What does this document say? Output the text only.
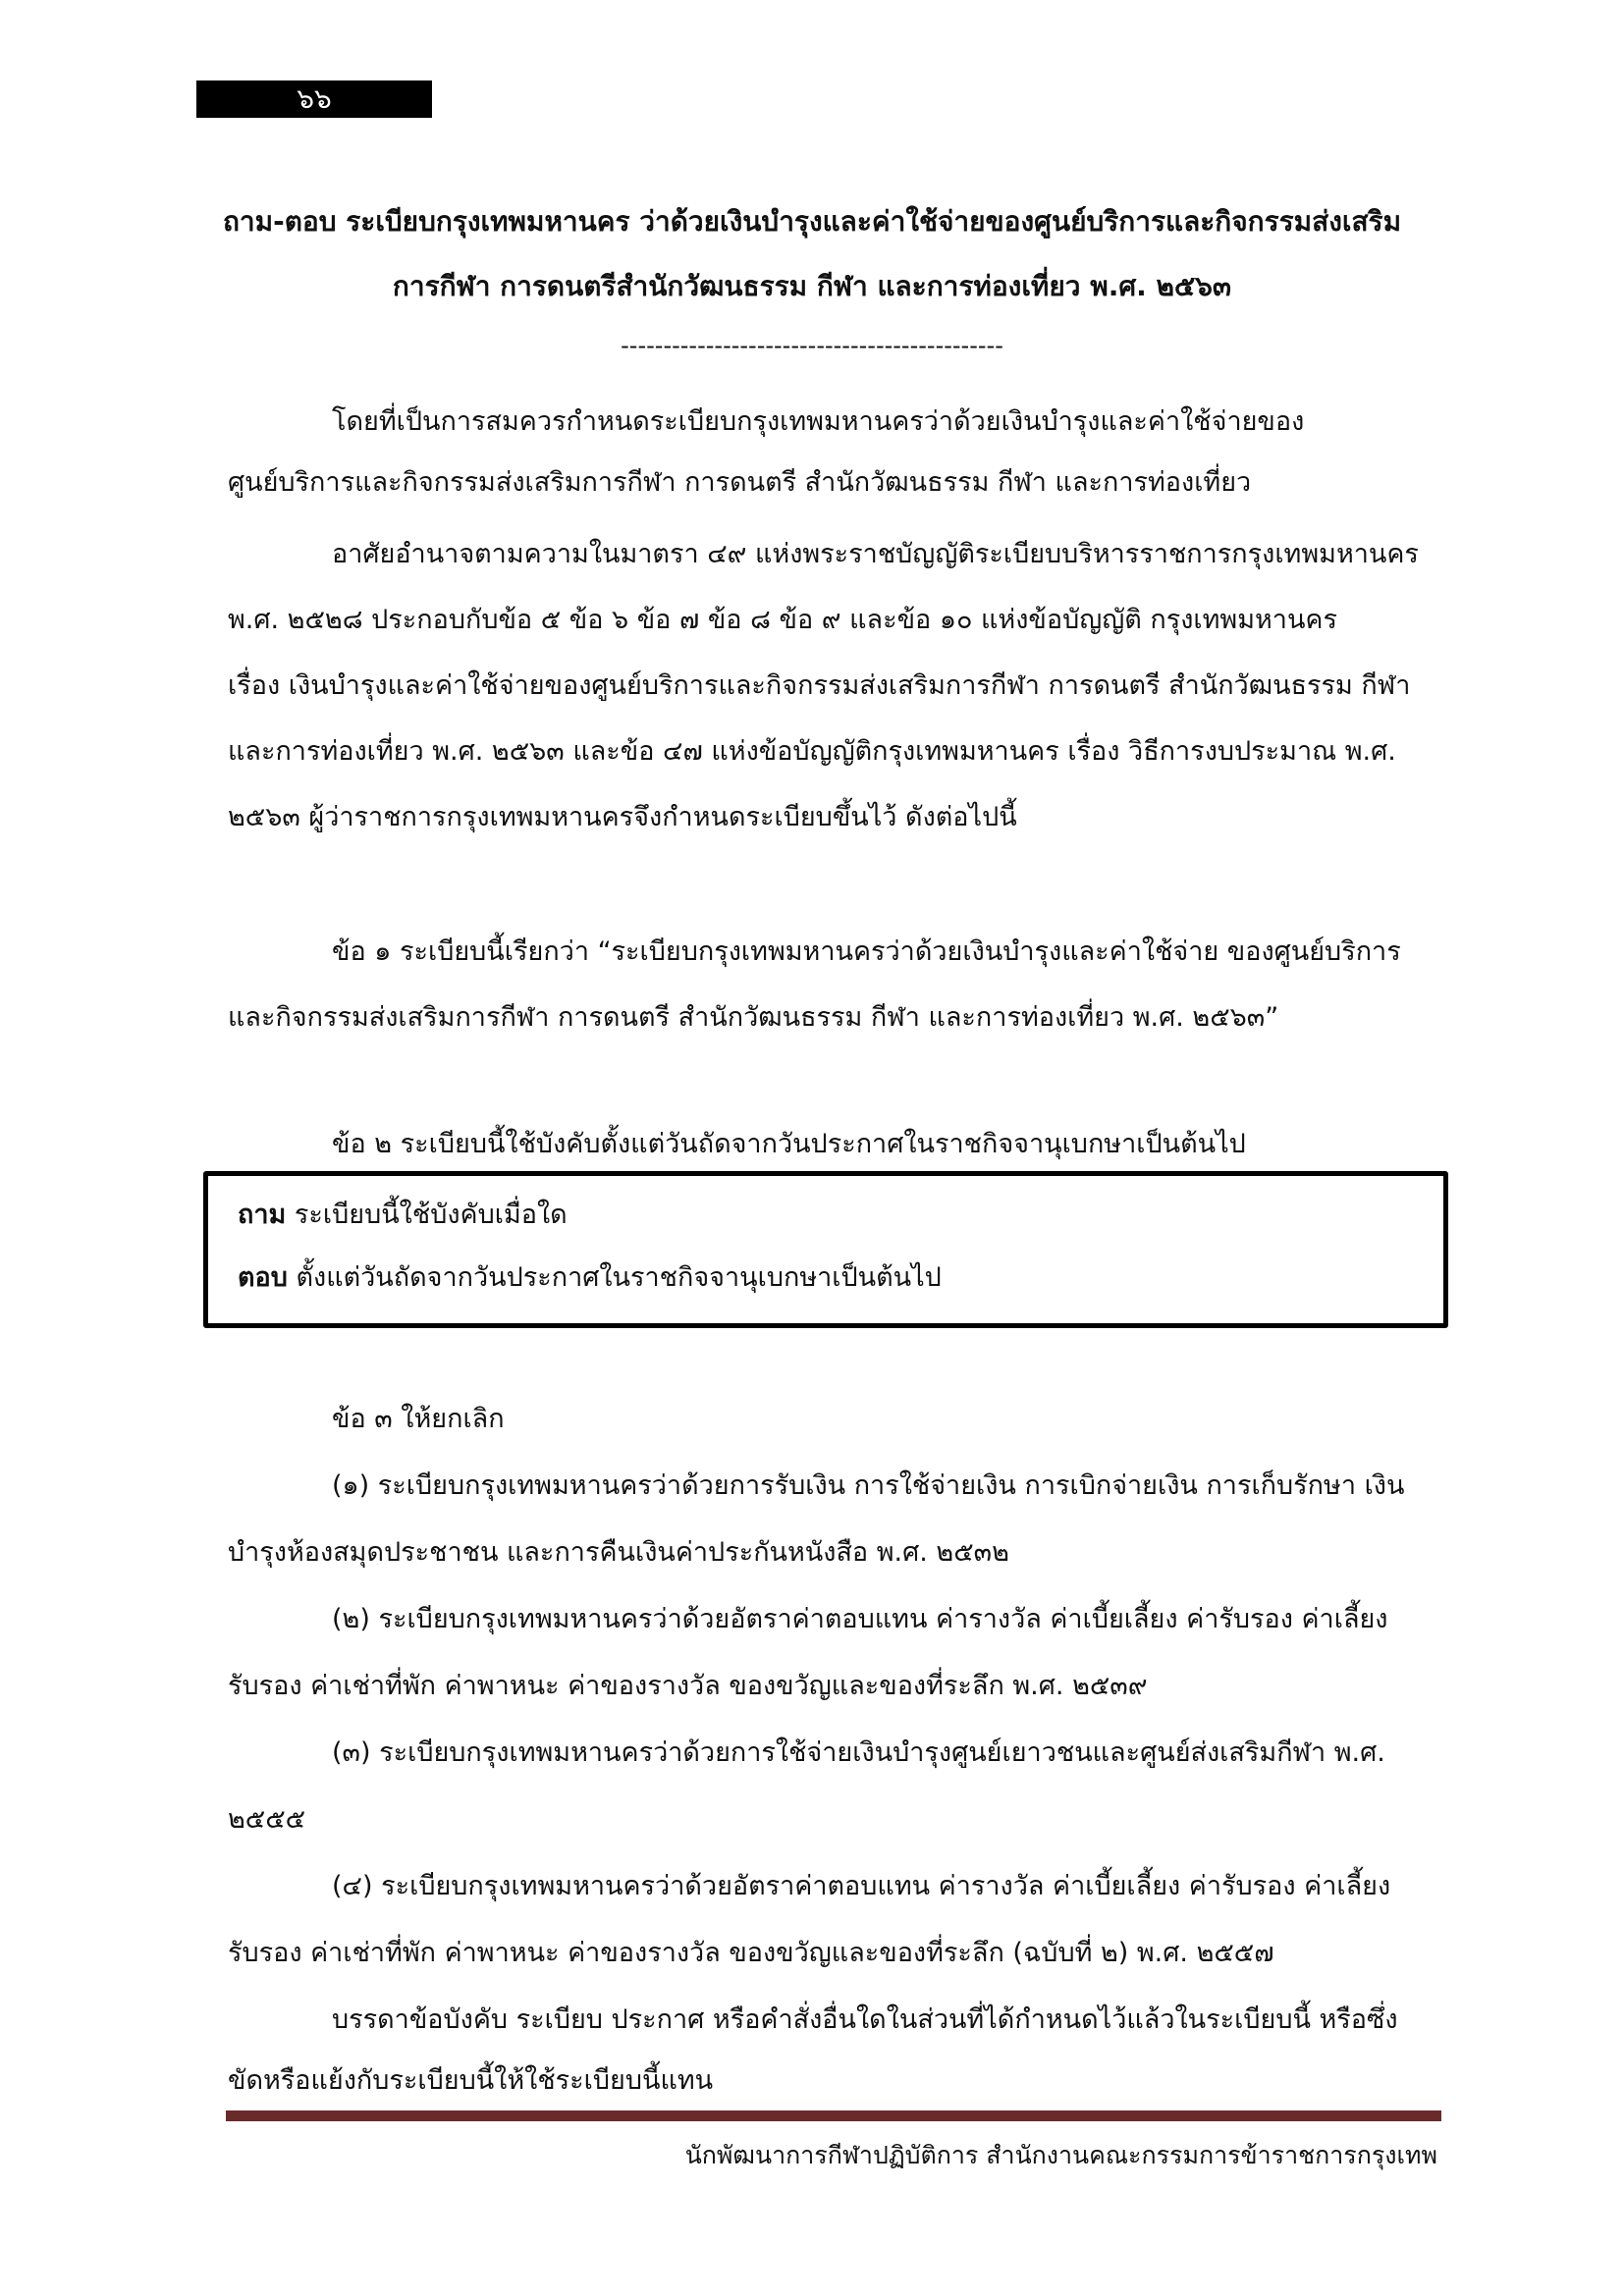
๖๖
ถาม-ตอบ ระเบียบกรุงเทพมหานคร ว่าด้วยเงินบำรุงและค่าใช้จ่ายของศูนย์บริการและกิจกรรมส่งเสริม
การกีฬา การดนตรีสำนักวัฒนธรรม กีฬา และการท่องเที่ยว พ.ศ. ๒๕๖๓
---------------------------------------------
โดยที่เป็นการสมควรกำหนดระเบียบกรุงเทพมหานครว่าด้วยเงินบำรุงและค่าใช้จ่ายของ
ศูนย์บริการและกิจกรรมส่งเสริมการกีฬา การดนตรี สำนักวัฒนธรรม กีฬา และการท่องเที่ยว
อาศัยอำนาจตามความในมาตรา ๔๙ แห่งพระราชบัญญัติระเบียบบริหารราชการกรุงเทพมหานคร
พ.ศ. ๒๕๒๘ ประกอบกับข้อ ๕ ข้อ ๖ ข้อ ๗ ข้อ ๘ ข้อ ๙ และข้อ ๑๐ แห่งข้อบัญญัติ กรุงเทพมหานคร
เรื่อง เงินบำรุงและค่าใช้จ่ายของศูนย์บริการและกิจกรรมส่งเสริมการกีฬา การดนตรี สำนักวัฒนธรรม กีฬา
และการท่องเที่ยว พ.ศ. ๒๕๖๓ และข้อ ๔๗ แห่งข้อบัญญัติกรุงเทพมหานคร เรื่อง วิธีการงบประมาณ พ.ศ.
๒๕๖๓ ผู้ว่าราชการกรุงเทพมหานครจึงกำหนดระเบียบขึ้นไว้ ดังต่อไปนี้
ข้อ ๑ ระเบียบนี้เรียกว่า “ระเบียบกรุงเทพมหานครว่าด้วยเงินบำรุงและค่าใช้จ่าย ของศูนย์บริการ
และกิจกรรมส่งเสริมการกีฬา การดนตรี สำนักวัฒนธรรม กีฬา และการท่องเที่ยว พ.ศ. ๒๕๖๓”
ข้อ ๒ ระเบียบนี้ใช้บังคับตั้งแต่วันถัดจากวันประกาศในราชกิจจานุเบกษาเป็นต้นไป
ถาม ระเบียบนี้ใช้บังคับเมื่อใด
ตอบ ตั้งแต่วันถัดจากวันประกาศในราชกิจจานุเบกษาเป็นต้นไป
ข้อ ๓ ให้ยกเลิก
(๑) ระเบียบกรุงเทพมหานครว่าด้วยการรับเงิน การใช้จ่ายเงิน การเบิกจ่ายเงิน การเก็บรักษา เงิน
บำรุงห้องสมุดประชาชน และการคืนเงินค่าประกันหนังสือ พ.ศ. ๒๕๓๒
(๒) ระเบียบกรุงเทพมหานครว่าด้วยอัตราค่าตอบแทน ค่ารางวัล ค่าเบี้ยเลี้ยง ค่ารับรอง ค่าเลี้ยง
รับรอง ค่าเช่าที่พัก ค่าพาหนะ ค่าของรางวัล ของขวัญและของที่ระลึก พ.ศ. ๒๕๓๙
(๓) ระเบียบกรุงเทพมหานครว่าด้วยการใช้จ่ายเงินบำรุงศูนย์เยาวชนและศูนย์ส่งเสริมกีฬา พ.ศ.
๒๕๕๕
(๔) ระเบียบกรุงเทพมหานครว่าด้วยอัตราค่าตอบแทน ค่ารางวัล ค่าเบี้ยเลี้ยง ค่ารับรอง ค่าเลี้ยง
รับรอง ค่าเช่าที่พัก ค่าพาหนะ ค่าของรางวัล ของขวัญและของที่ระลึก (ฉบับที่ ๒) พ.ศ. ๒๕๕๗
บรรดาข้อบังคับ ระเบียบ ประกาศ หรือคำสั่งอื่นใดในส่วนที่ได้กำหนดไว้แล้วในระเบียบนี้ หรือซึ่ง
ขัดหรือแย้งกับระเบียบนี้ให้ใช้ระเบียบนี้แทน
นักพัฒนาการกีฬาปฏิบัติการ สำนักงานคณะกรรมการข้าราชการกรุงเทพ
